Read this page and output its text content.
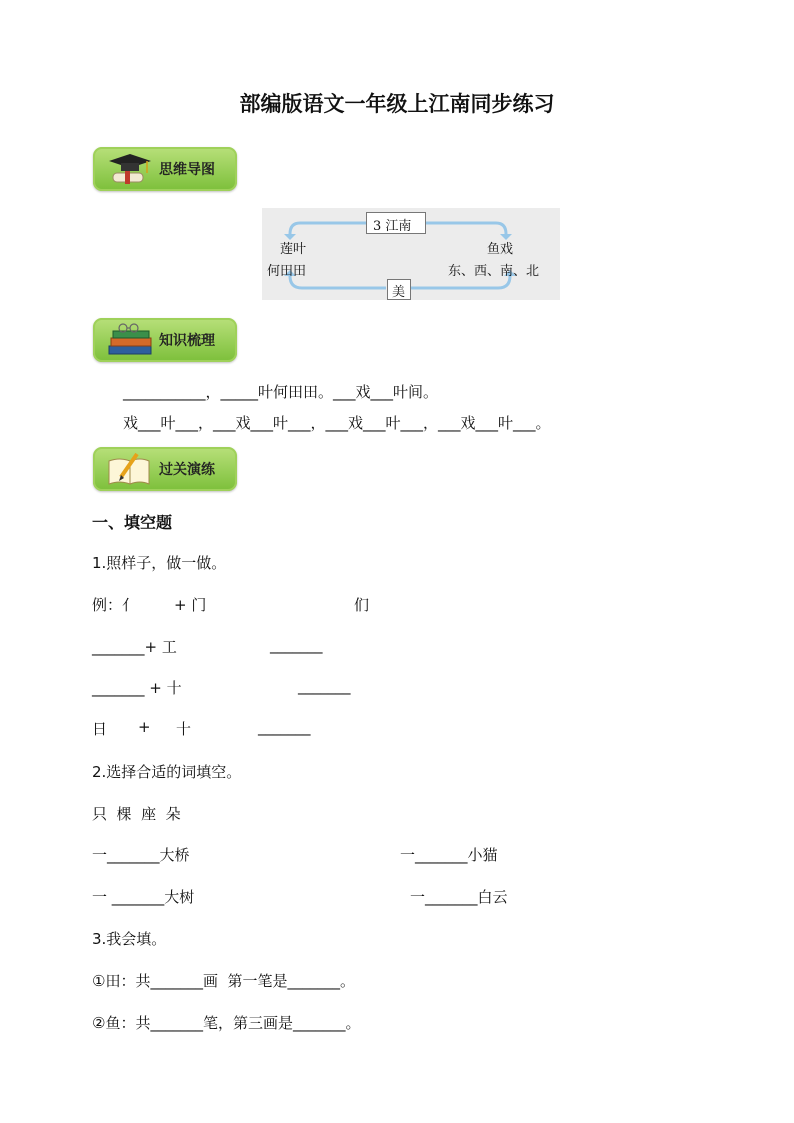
部编版语文一年级上江南同步练习
思维导图
3 江南
莲叶
何田田
鱼戏
东、西、南、北
美
知识梳理
___________，_____叶何田田。___戏___叶间。
戏___叶___，___戏___叶___，___戏___叶___，___戏___叶___。
过关演练
一、填空题
1.照样子，做一做。
例：亻 + 门	们
_______+ 工	_______
_______ + 十	_______
日 + 十	_______
2.选择合适的词填空。
只  棵  座  朵
一_______大桥	一_______小猫
一 _______大树	一_______白云
3.我会填。
①田：共_______画  第一笔是_______。
②鱼：共_______笔，第三画是_______。
